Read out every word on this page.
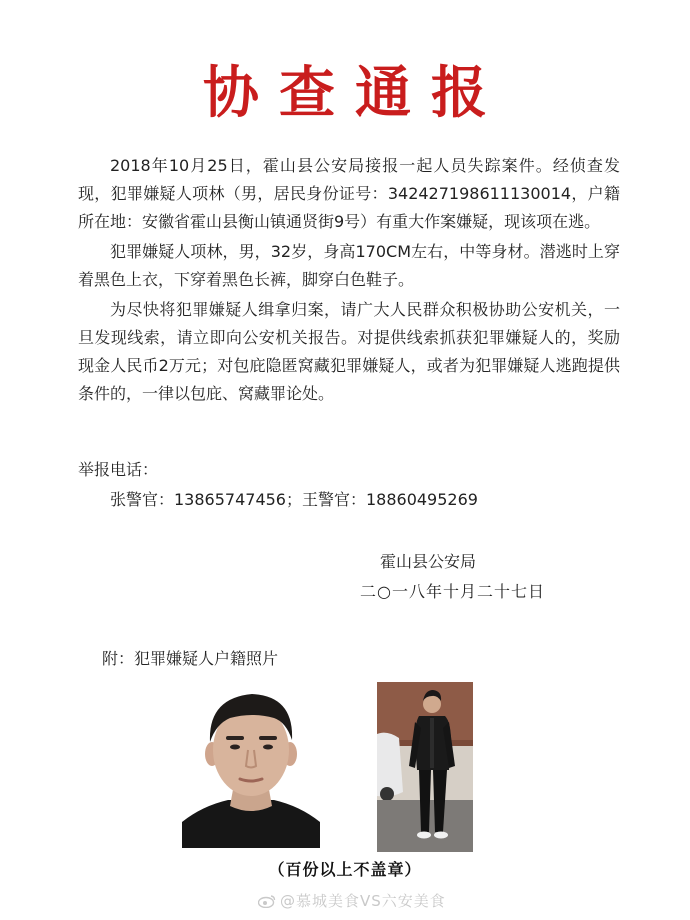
协查通报

2018年10月25日，霍山县公安局接报一起人员失踪案件。经侦查发现，犯罪嫌疑人项林（男，居民身份证号：342427198611130014，户籍所在地：安徽省霍山县衡山镇通贤街9号）有重大作案嫌疑，现该项在逃。

犯罪嫌疑人项林，男，32岁，身高170CM左右，中等身材。潜逃时上穿着黑色上衣，下穿着黑色长裤，脚穿白色鞋子。

为尽快将犯罪嫌疑人缉拿归案，请广大人民群众积极协助公安机关，一旦发现线索，请立即向公安机关报告。对提供线索抓获犯罪嫌疑人的，奖励现金人民币2万元；对包庇隐匿窝藏犯罪嫌疑人，或者为犯罪嫌疑人逃跑提供条件的，一律以包庇、窝藏罪论处。

举报电话：
张警官：13865747456；王警官：18860495269
霍山县公安局
二○一八年十月二十七日
附：犯罪嫌疑人户籍照片
（百份以上不盖章）
@慕城美食VS六安美食
